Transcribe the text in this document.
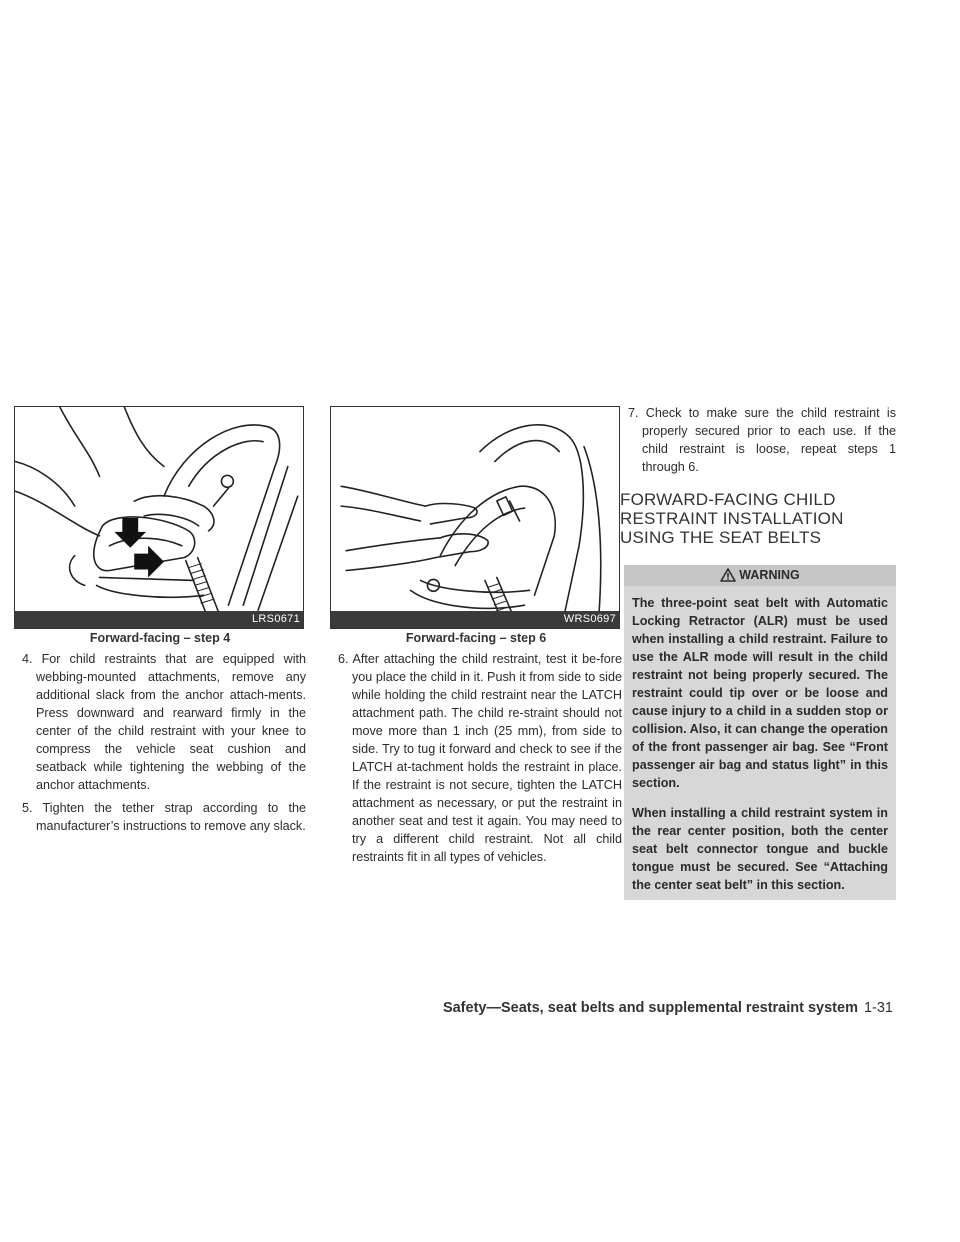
LRS0671
Forward-facing – step 4

4. For child restraints that are equipped with webbing-mounted attachments, remove any additional slack from the anchor attach-ments. Press downward and rearward firmly in the center of the child restraint with your knee to compress the vehicle seat cushion and seatback while tightening the webbing of the anchor attachments.

5. Tighten the tether strap according to the manufacturer’s instructions to remove any slack.

WRS0697
Forward-facing – step 6

6. After attaching the child restraint, test it be-fore you place the child in it. Push it from side to side while holding the child restraint near the LATCH attachment path. The child re-straint should not move more than 1 inch (25 mm), from side to side. Try to tug it forward and check to see if the LATCH at-tachment holds the restraint in place. If the restraint is not secure, tighten the LATCH attachment as necessary, or put the restraint in another seat and test it again. You may need to try a different child restraint. Not all child restraints fit in all types of vehicles.

7. Check to make sure the child restraint is properly secured prior to each use. If the child restraint is loose, repeat steps 1 through 6.

FORWARD-FACING CHILD RESTRAINT INSTALLATION USING THE SEAT BELTS
WARNING

The three-point seat belt with Automatic Locking Retractor (ALR) must be used when installing a child restraint. Failure to use the ALR mode will result in the child restraint not being properly secured. The restraint could tip over or be loose and cause injury to a child in a sudden stop or collision. Also, it can change the operation of the front passenger air bag. See “Front passenger air bag and status light” in this section.

When installing a child restraint system in the rear center position, both the center seat belt connector tongue and buckle tongue must be secured. See “Attaching the center seat belt” in this section.

Safety—Seats, seat belts and supplemental restraint system 1-31
